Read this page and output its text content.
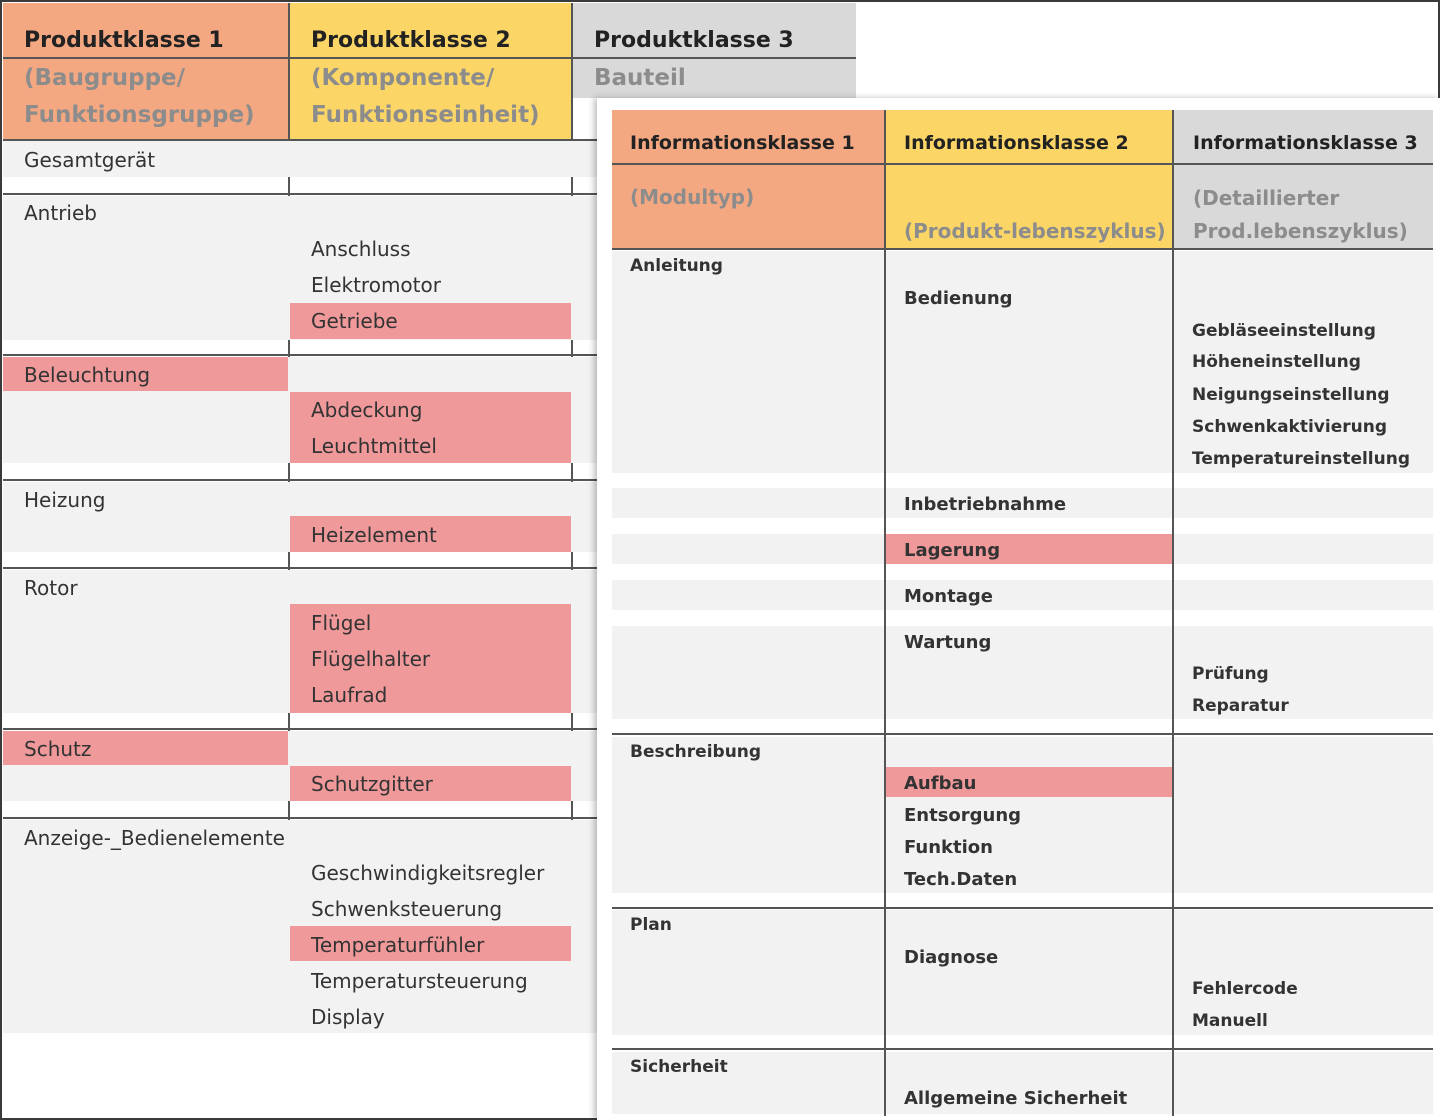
Produktklasse 1
(Baugruppe/
Funktionsgruppe)
Produktklasse 2
(Komponente/
Funktionseinheit)
Produktklasse 3
Bauteil
Gesamtgerät
Antrieb
Beleuchtung
Heizung
Rotor
Schutz
Anzeige-_Bedienelemente
Anschluss
Elektromotor
Getriebe
Abdeckung
Leuchtmittel
Heizelement
Flügel
Flügelhalter
Laufrad
Schutzgitter
Geschwindigkeitsregler
Schwenksteuerung
Temperaturfühler
Temperatursteuerung
Display
Informationsklasse 1
(Modultyp)
Informationsklasse 2
(Produkt-lebenszyklus)
Informationsklasse 3
(Detaillierter
Prod.lebenszyklus)
Anleitung
Beschreibung
Plan
Sicherheit
Bedienung
Inbetriebnahme
Lagerung
Montage
Wartung
Aufbau
Entsorgung
Funktion
Tech.Daten
Diagnose
Allgemeine Sicherheit
Gebläseeinstellung
Höheneinstellung
Neigungseinstellung
Schwenkaktivierung
Temperatureinstellung
Prüfung
Reparatur
Fehlercode
Manuell
